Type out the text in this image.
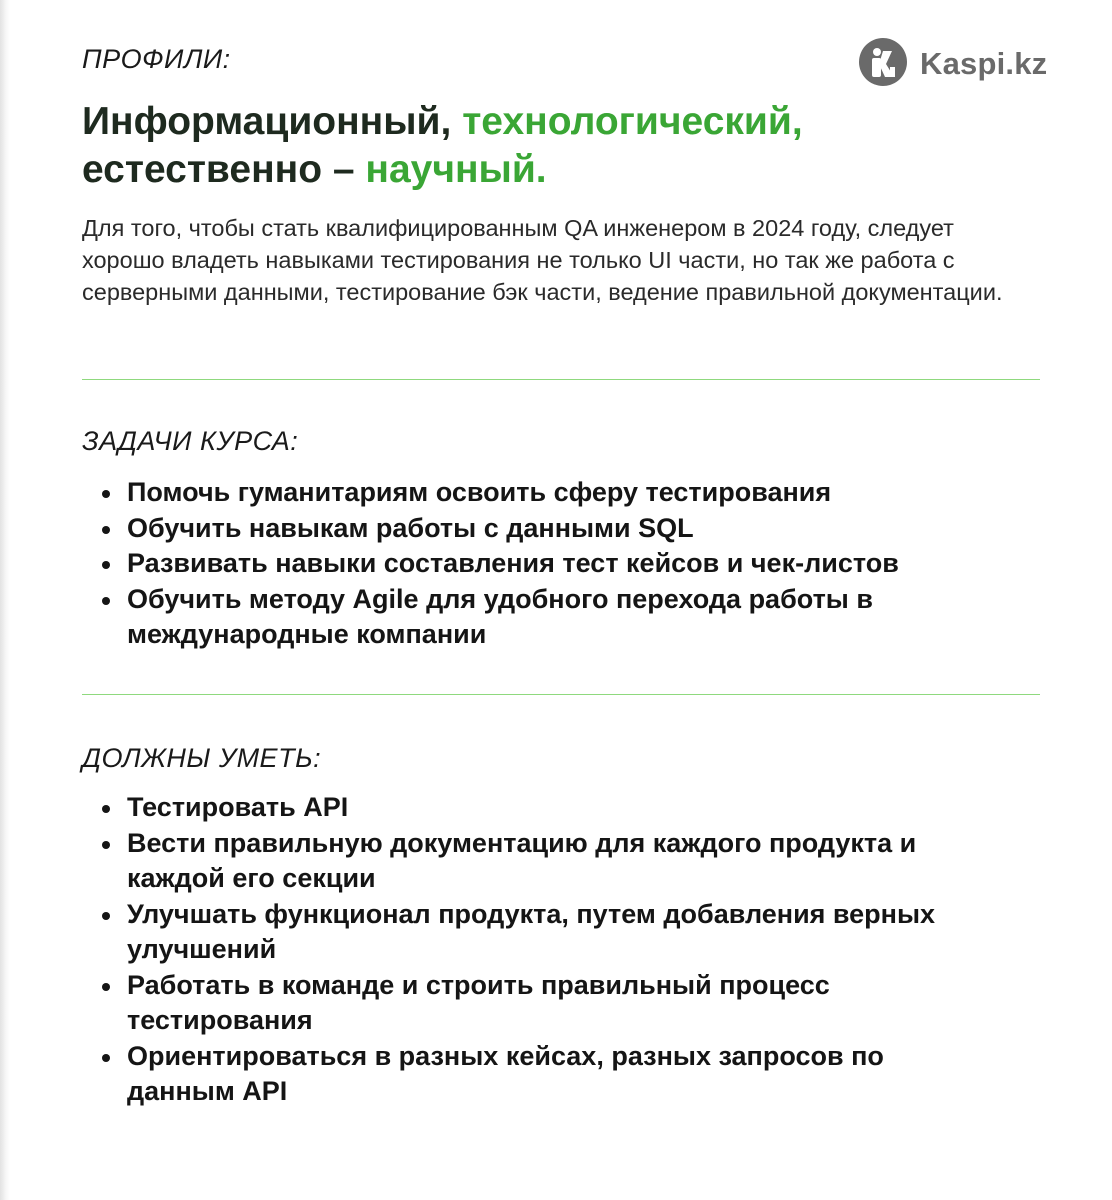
Kaspi.kz
ПРОФИЛИ:
Информационный, технологический,
естественно – научный.
Для того, чтобы стать квалифицированным QA инженером в 2024 году, следует хорошо владеть навыками тестирования не только UI части, но так же работа с серверными данными, тестирование бэк части, ведение правильной документации.
ЗАДАЧИ КУРСА:
Помочь гуманитариям освоить сферу тестирования
Обучить навыкам работы с данными SQL
Развивать навыки составления тест кейсов и чек-листов
Обучить методу Agile для удобного перехода работы в международные компании
ДОЛЖНЫ УМЕТЬ:
Тестировать API
Вести правильную документацию для каждого продукта и каждой его секции
Улучшать функционал продукта, путем добавления верных улучшений
Работать в команде и строить правильный процесс тестирования
Ориентироваться в разных кейсах, разных запросов по данным API
